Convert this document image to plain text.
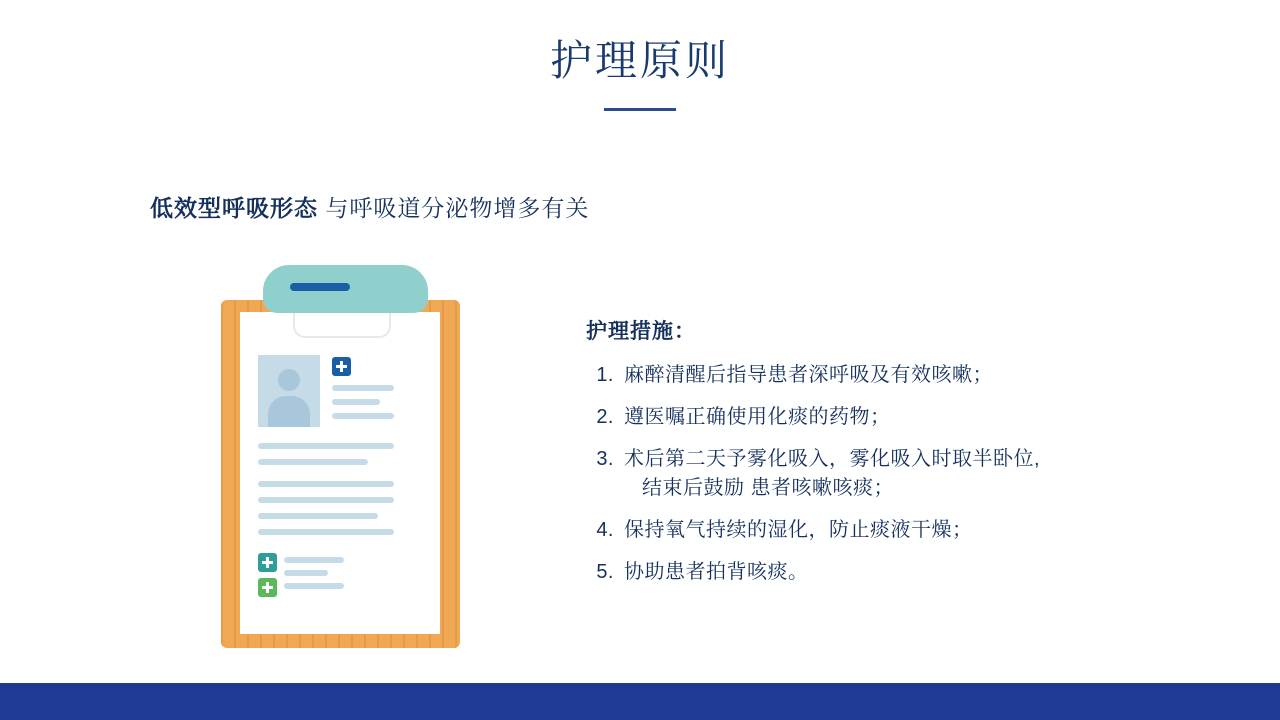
护理原则
低效型呼吸形态 与呼吸道分泌物增多有关
护理措施：
1. 麻醉清醒后指导患者深呼吸及有效咳嗽；
2. 遵医嘱正确使用化痰的药物；
3. 术后第二天予雾化吸入，雾化吸入时取半卧位,
结束后鼓励 患者咳嗽咳痰；
4. 保持氧气持续的湿化，防止痰液干燥；
5. 协助患者拍背咳痰。
